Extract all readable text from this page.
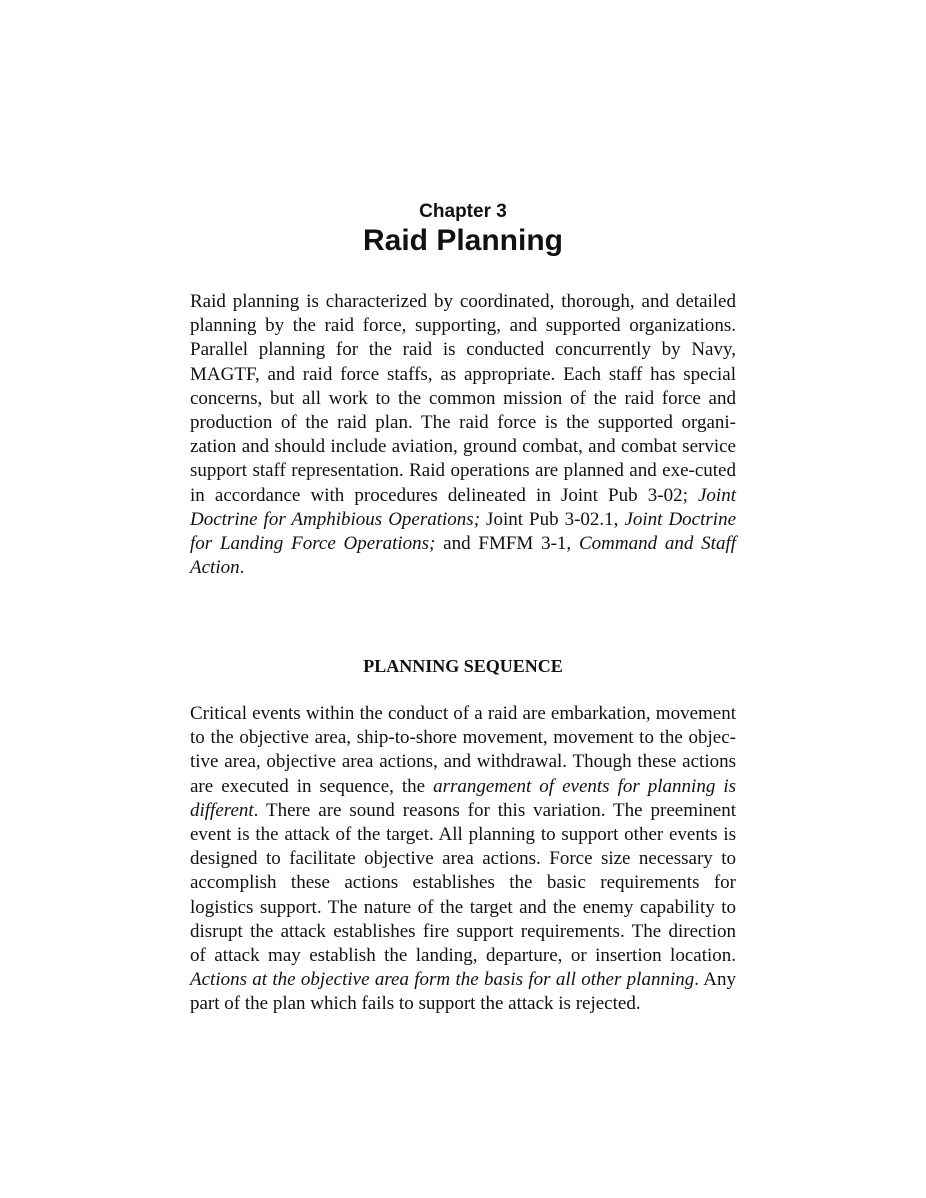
Chapter 3
Raid Planning

Raid planning is characterized by coordinated, thorough, and detailed planning by the raid force, supporting, and supported organizations. Parallel planning for the raid is conducted concurrently by Navy, MAGTF, and raid force staffs, as appropriate. Each staff has special concerns, but all work to the common mission of the raid force and production of the raid plan. The raid force is the supported organi-zation and should include aviation, ground combat, and combat service support staff representation. Raid operations are planned and exe-cuted in accordance with procedures delineated in Joint Pub 3-02; Joint Doctrine for Amphibious Operations; Joint Pub 3-02.1, Joint Doctrine for Landing Force Operations; and FMFM 3-1, Command and Staff Action.

PLANNING SEQUENCE

Critical events within the conduct of a raid are embarkation, movement to the objective area, ship-to-shore movement, movement to the objec-tive area, objective area actions, and withdrawal. Though these actions are executed in sequence, the arrangement of events for planning is different. There are sound reasons for this variation. The preeminent event is the attack of the target. All planning to support other events is designed to facilitate objective area actions. Force size necessary to accomplish these actions establishes the basic requirements for logistics support. The nature of the target and the enemy capability to disrupt the attack establishes fire support requirements. The direction of attack may establish the landing, departure, or insertion location. Actions at the objective area form the basis for all other planning. Any part of the plan which fails to support the attack is rejected.
